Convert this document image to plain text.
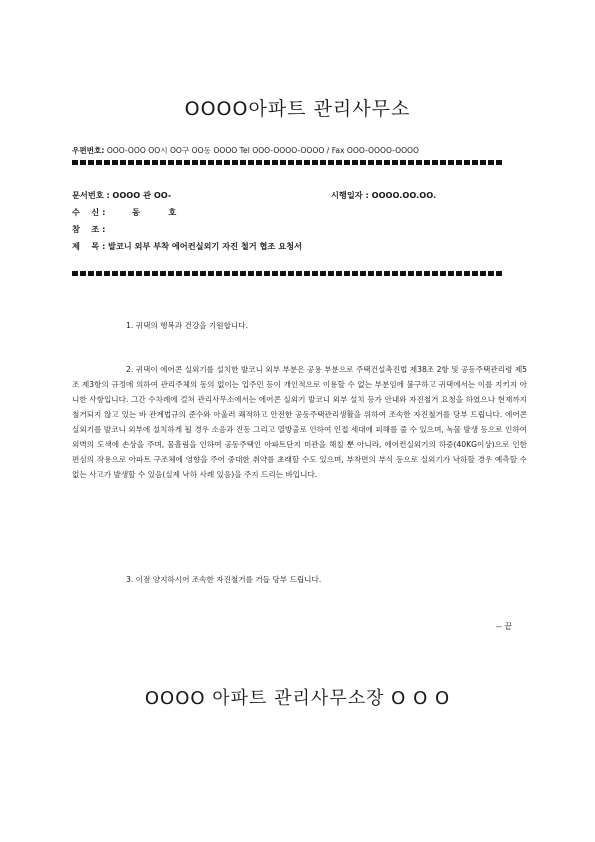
OOOO아파트 관리사무소
우편번호: OOO-OOO OO시 OO구 OO동 OOOO Tel OOO-OOOO-OOOO / Fax OOO-OOOO-OOOO
문서번호 : OOOO 관 OO-	시행일자 : OOOO.OO.OO.
수    신 :	동          호
참    조 :
제    목 : 발코니 외부 부착 에어컨실외기 자진 철거 협조 요청서
1. 귀댁의 행복과 건강을 기원합니다.
2. 귀댁이 에어콘 실외기를 설치한 발코니 외부 부분은 공용 부분으로 주택건설촉진법 제38조 2항 및 공동주택관리령 제5조 제3항의 규정에 의하여 관리주체의 동의 없이는 입주민 등이 개인적으로 이용할 수 없는 부분임에 불구하고 귀댁에서는 이를 지키지 아니한 사항입니다. 그간 수차례에 걸쳐 관리사무소에서는 에어콘 실외기 발코니 외부 설치 등가 안내와 자진철거 요청을 하였으나 현재까지 철거되지 않고 있는 바 관계법규의 준수와 아울러 쾌적하고 안전한 공동주택관리생활을 위하여 조속한 자진철거를 당부 드립니다. 에어콘 실외기를 발코니 외부에 설치하게 될 경우 소음과 진동 그리고 열방출로 인하여 인접 세대에 피해를 줄 수 있으며, 녹물 발생 등으로 인하여 외벽의 도색에 손상을 주며, 물흘림을 인하여 공동주택인 아파트단지 미관을 해칠 뿐 아니라, 에어컨실외기의 하중(40KG이상)으로 인한 편심의 작용으로 아파트 구조체에 영향을 주어 중대한 취약를 초래할 수도 있으며, 부착면의 부식 등으로 실외기가 낙하할 경우 예측할 수 없는 사고가 발생할 수 있음(실제 낙하 사례 있음)을 주지 드리는 바입니다.
3. 이점 양지하시어 조속한 자진철거를 거듭 당부 드립니다.
-- 끝
OOOO 아파트 관리사무소장 O O O
